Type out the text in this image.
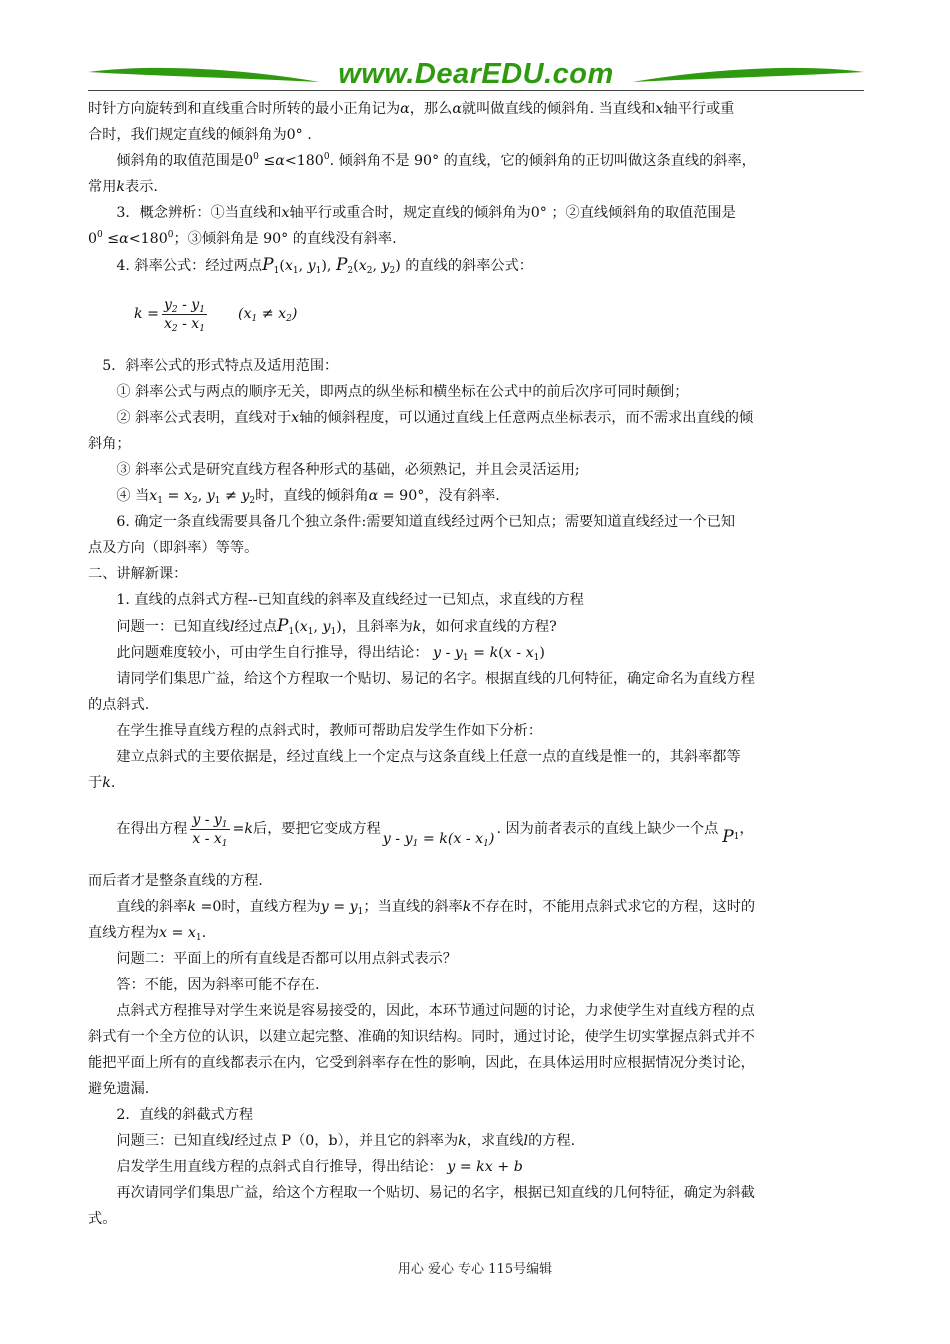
www.DearEDU.com

时针方向旋转到和直线重合时所转的最小正角记为α，那么α就叫做直线的倾斜角. 当直线和x轴平行或重

合时，我们规定直线的倾斜角为0° .

倾斜角的取值范围是$0^0 \le\alpha<180^0$. 倾斜角不是 90° 的直线，它的倾斜角的正切叫做这条直线的斜率，

常用k表示.

3．概念辨析：①当直线和x轴平行或重合时，规定直线的倾斜角为0° ；②直线倾斜角的取值范围是

$0^0 \le\alpha<180^0$；③倾斜角是 90° 的直线没有斜率.

4. 斜率公式：经过两点$P_1(x_1$, $y_1$), $P_2(x_2$, $y_2$) 的直线的斜率公式：

$k = \frac{y_2 - y_1}{x_2 - x_1} (x_1 \ne x_2)$

5．斜率公式的形式特点及适用范围：

① 斜率公式与两点的顺序无关，即两点的纵坐标和横坐标在公式中的前后次序可同时颠倒；

② 斜率公式表明，直线对于x轴的倾斜程度，可以通过直线上任意两点坐标表示，而不需求出直线的倾

斜角；

③ 斜率公式是研究直线方程各种形式的基础，必须熟记，并且会灵活运用;

④ 当$x_1 = x_2$, $y_1 \ne y_2$时，直线的倾斜角α = 90°，没有斜率.

6. 确定一条直线需要具备几个独立条件:需要知道直线经过两个已知点；需要知道直线经过一个已知

点及方向（即斜率）等等。

二、讲解新课：

1. 直线的点斜式方程--已知直线的斜率及直线经过一已知点，求直线的方程

问题一：已知直线l经过点$P_1(x_1$, $y_1$)，且斜率为k，如何求直线的方程?

此问题难度较小，可由学生自行推导，得出结论： $y - y_1 = k(x - x_1)$

请同学们集思广益，给这个方程取一个贴切、易记的名字。根据直线的几何特征，确定命名为直线方程

的点斜式.

在学生推导直线方程的点斜式时，教师可帮助启发学生作如下分析：

建立点斜式的主要依据是，经过直线上一个定点与这条直线上任意一点的直线是惟一的，其斜率都等

于k.

在得出方程 $\frac{y - y_1}{x - x_1} =k$ 后，要把它变成方程
$y - y_1 = k(x - x_1)$
. 因为前者表示的直线上缺少一个点 $P_1$ ，

而后者才是整条直线的方程.

直线的斜率k =0时，直线方程为$y = y_1$；当直线的斜率k不存在时，不能用点斜式求它的方程，这时的

直线方程为$x = x_1$.

问题二：平面上的所有直线是否都可以用点斜式表示？

答：不能，因为斜率可能不存在.

点斜式方程推导对学生来说是容易接受的，因此，本环节通过问题的讨论，力求使学生对直线方程的点

斜式有一个全方位的认识，以建立起完整、准确的知识结构。同时，通过讨论，使学生切实掌握点斜式并不

能把平面上所有的直线都表示在内，它受到斜率存在性的影响，因此，在具体运用时应根据情况分类讨论，

避免遗漏.

2．直线的斜截式方程

问题三：已知直线l经过点 P（0，b），并且它的斜率为k，求直线l的方程.

启发学生用直线方程的点斜式自行推导，得出结论： y = kx + b

再次请同学们集思广益，给这个方程取一个贴切、易记的名字，根据已知直线的几何特征，确定为斜截

式。

用心 爱心 专心 115号编辑
